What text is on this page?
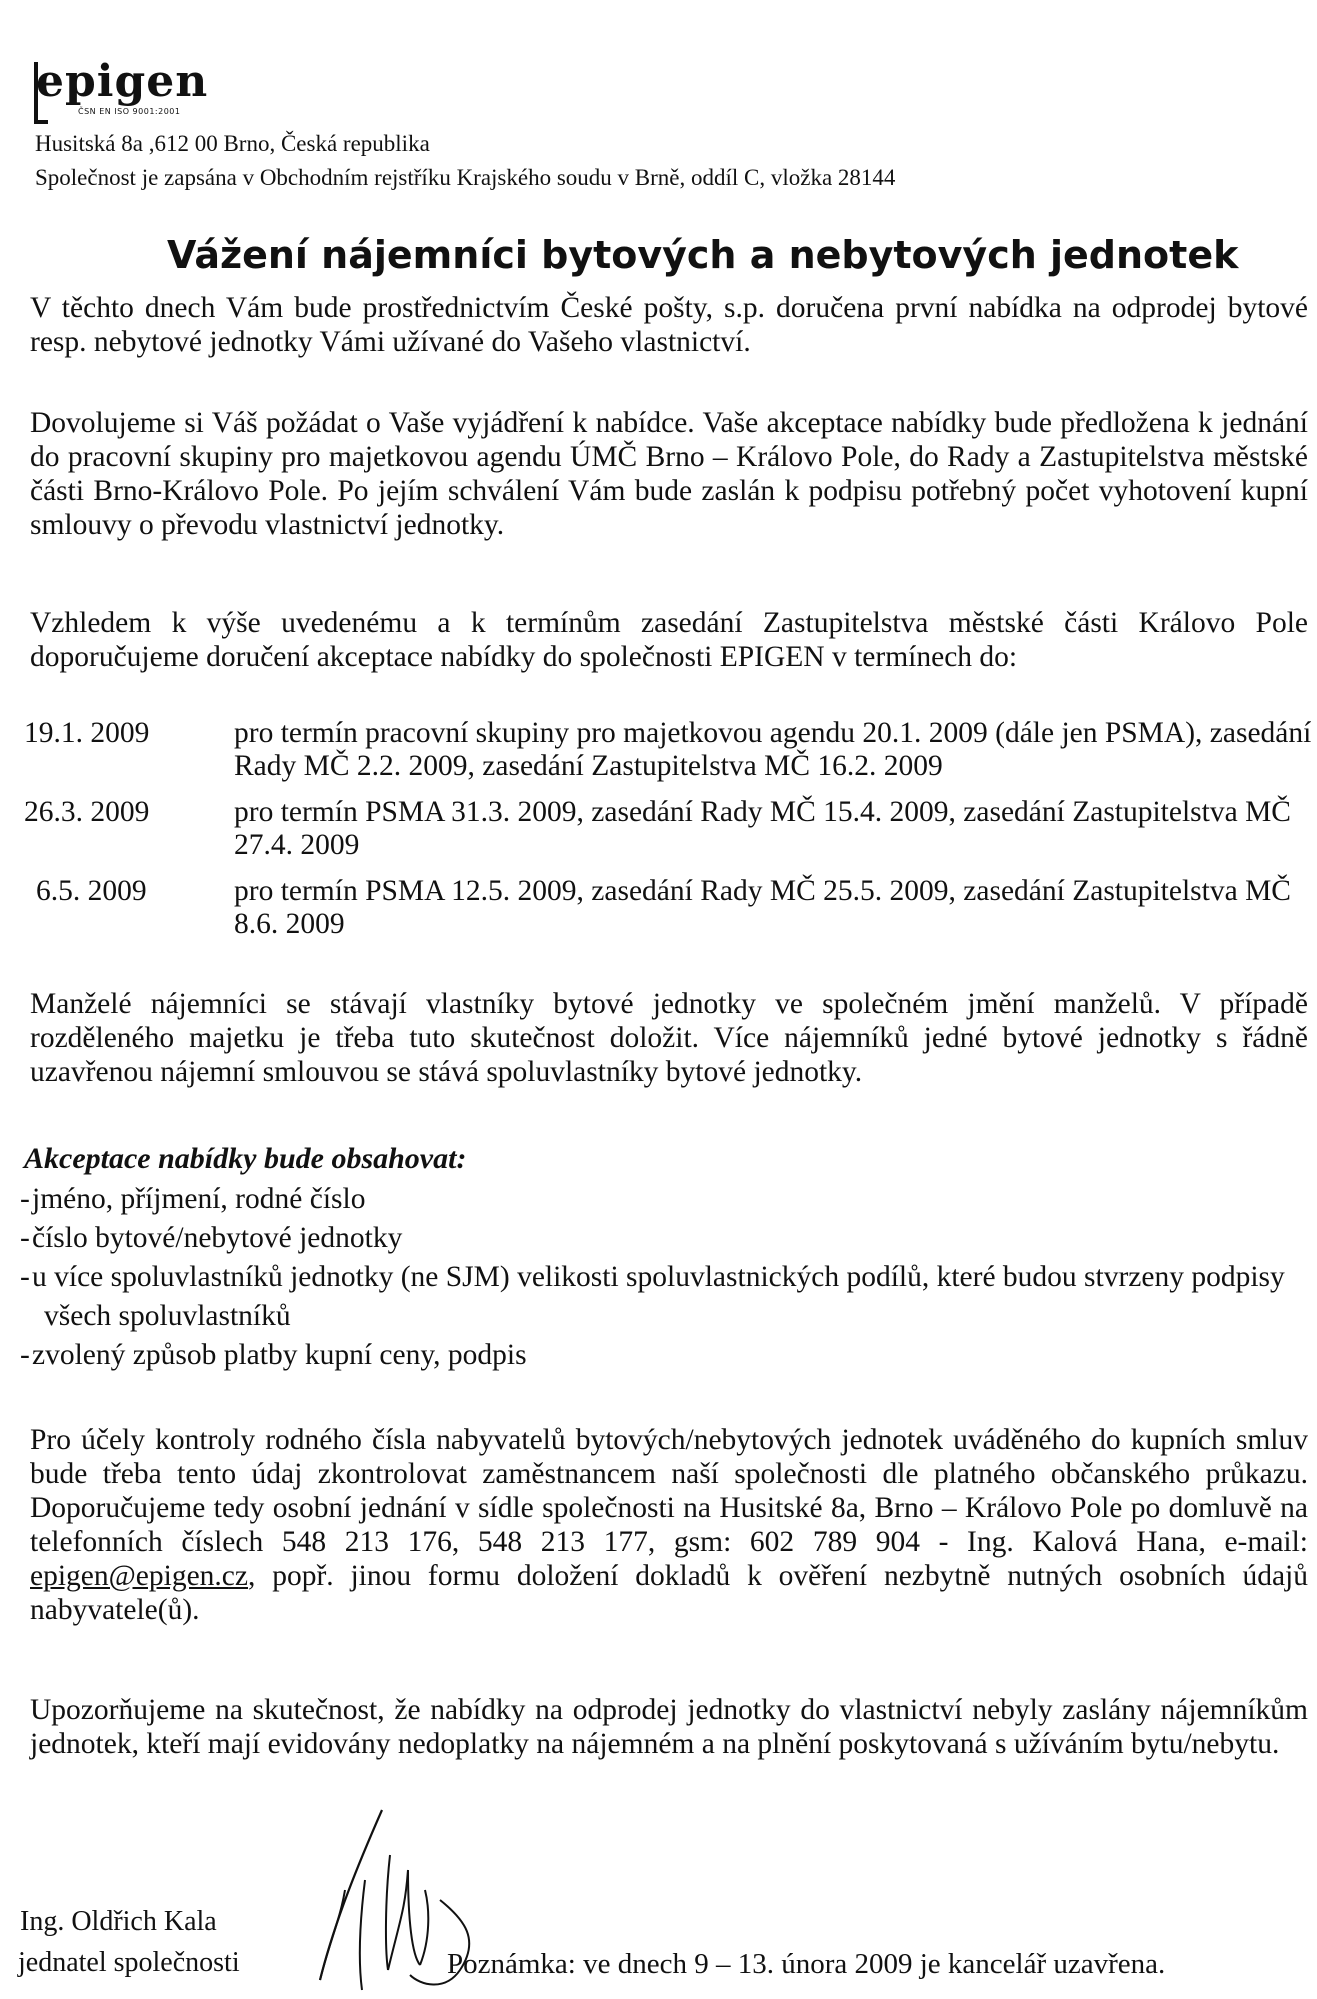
epigen
ČSN EN ISO 9001:2001
Husitská 8a ,612 00 Brno, Česká republika
Společnost je zapsána v Obchodním rejstříku Krajského soudu v Brně, oddíl C, vložka 28144
Vážení nájemníci bytových a nebytových jednotek

V těchto dnech Vám bude prostřednictvím České pošty, s.p. doručena první nabídka na odprodej bytové resp. nebytové jednotky Vámi užívané do Vašeho vlastnictví.

Dovolujeme si Váš požádat o Vaše vyjádření k nabídce. Vaše akceptace nabídky bude předložena k jednání do pracovní skupiny pro majetkovou agendu ÚMČ Brno – Královo Pole, do Rady a Zastupitelstva městské části Brno-Královo Pole. Po jejím schválení Vám bude zaslán k podpisu potřebný počet vyhotovení kupní smlouvy o převodu vlastnictví jednotky.

Vzhledem k výše uvedenému a k termínům zasedání Zastupitelstva městské části Královo Pole doporučujeme doručení akceptace nabídky do společnosti EPIGEN v termínech do:

19.1. 2009	pro termín pracovní skupiny pro majetkovou agendu 20.1. 2009 (dále jen PSMA), zasedání Rady MČ 2.2. 2009, zasedání Zastupitelstva MČ 16.2. 2009
26.3. 2009	pro termín PSMA 31.3. 2009, zasedání Rady MČ 15.4. 2009, zasedání Zastupitelstva MČ 27.4. 2009
6.5. 2009	pro termín PSMA 12.5. 2009, zasedání Rady MČ 25.5. 2009, zasedání Zastupitelstva MČ 8.6. 2009

Manželé nájemníci se stávají vlastníky bytové jednotky ve společném jmění manželů. V případě rozděleného majetku je třeba tuto skutečnost doložit. Více nájemníků jedné bytové jednotky s řádně uzavřenou nájemní smlouvou se stává spoluvlastníky bytové jednotky.

Akceptace nabídky bude obsahovat:
- jméno, příjmení, rodné číslo
- číslo bytové/nebytové jednotky
- u více spoluvlastníků jednotky (ne SJM) velikosti spoluvlastnických podílů, které budou stvrzeny podpisy všech spoluvlastníků
- zvolený způsob platby kupní ceny, podpis

Pro účely kontroly rodného čísla nabyvatelů bytových/nebytových jednotek uváděného do kupních smluv bude třeba tento údaj zkontrolovat zaměstnancem naší společnosti dle platného občanského průkazu. Doporučujeme tedy osobní jednání v sídle společnosti na Husitské 8a, Brno – Královo Pole po domluvě na telefonních číslech 548 213 176, 548 213 177, gsm: 602 789 904 - Ing. Kalová Hana, e-mail: epigen@epigen.cz, popř. jinou formu doložení dokladů k ověření nezbytně nutných osobních údajů nabyvatele(ů).

Upozorňujeme na skutečnost, že nabídky na odprodej jednotky do vlastnictví nebyly zaslány nájemníkům jednotek, kteří mají evidovány nedoplatky na nájemném a na plnění poskytovaná s užíváním bytu/nebytu.

Ing. Oldřich Kala
jednatel společnosti	Poznámka: ve dnech 9 – 13. února 2009 je kancelář uzavřena.
